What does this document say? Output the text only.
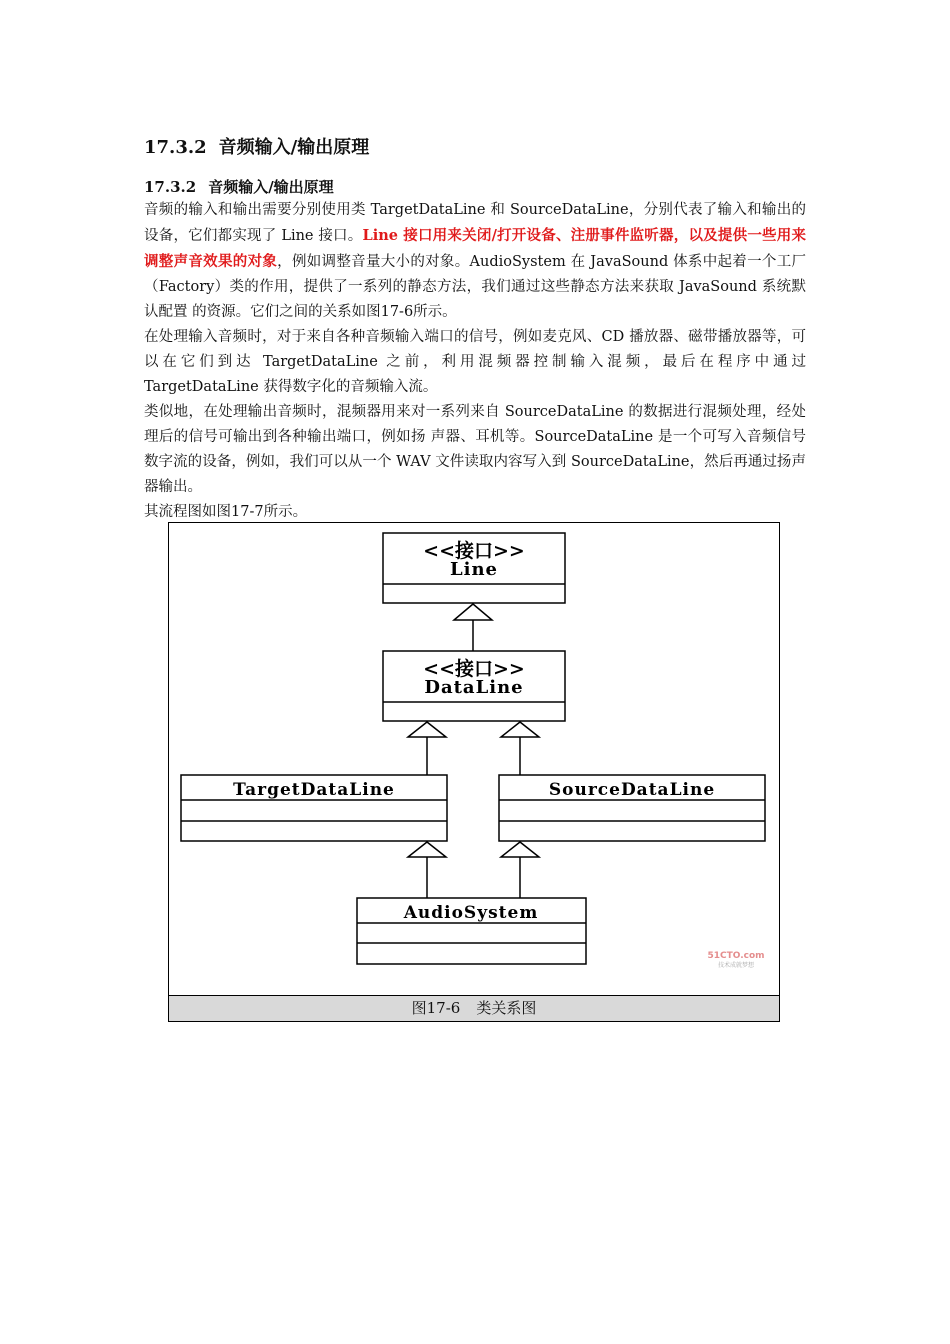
17.3.2 音频输入/输出原理
17.3.2 音频输入/输出原理

音频的输入和输出需要分别使用类 TargetDataLine 和 SourceDataLine，分别代表了输入和输出的设备，它们都实现了 Line 接口。Line 接口用来关闭/打开设备、注册事件监听器，以及提供一些用来调整声音效果的对象，例如调整音量大小的对象。AudioSystem 在 JavaSound 体系中起着一个工厂（Factory）类的作用，提供了一系列的静态方法，我们通过这些静态方法来获取 JavaSound 系统默认配置 的资源。它们之间的关系如图17-6所示。

在处理输入音频时，对于来自各种音频输入端口的信号，例如麦克风、CD 播放器、磁带播放器等，可以在它们到达 TargetDataLine 之前，利用混频器控制输入混频，最后在程序中通过 TargetDataLine 获得数字化的音频输入流。

类似地，在处理输出音频时，混频器用来对一系列来自 SourceDataLine 的数据进行混频处理，经处理后的信号可输出到各种输出端口，例如扬 声器、耳机等。SourceDataLine 是一个可写入音频信号数字流的设备，例如，我们可以从一个 WAV 文件读取内容写入到 SourceDataLine，然后再通过扬声器输出。

其流程图如图17-7所示。

<<接口>>
Line
<<接口>>
DataLine
TargetDataLine	SourceDataLine
AudioSystem
51CTO.com
技术成就梦想
图17-6 类关系图
